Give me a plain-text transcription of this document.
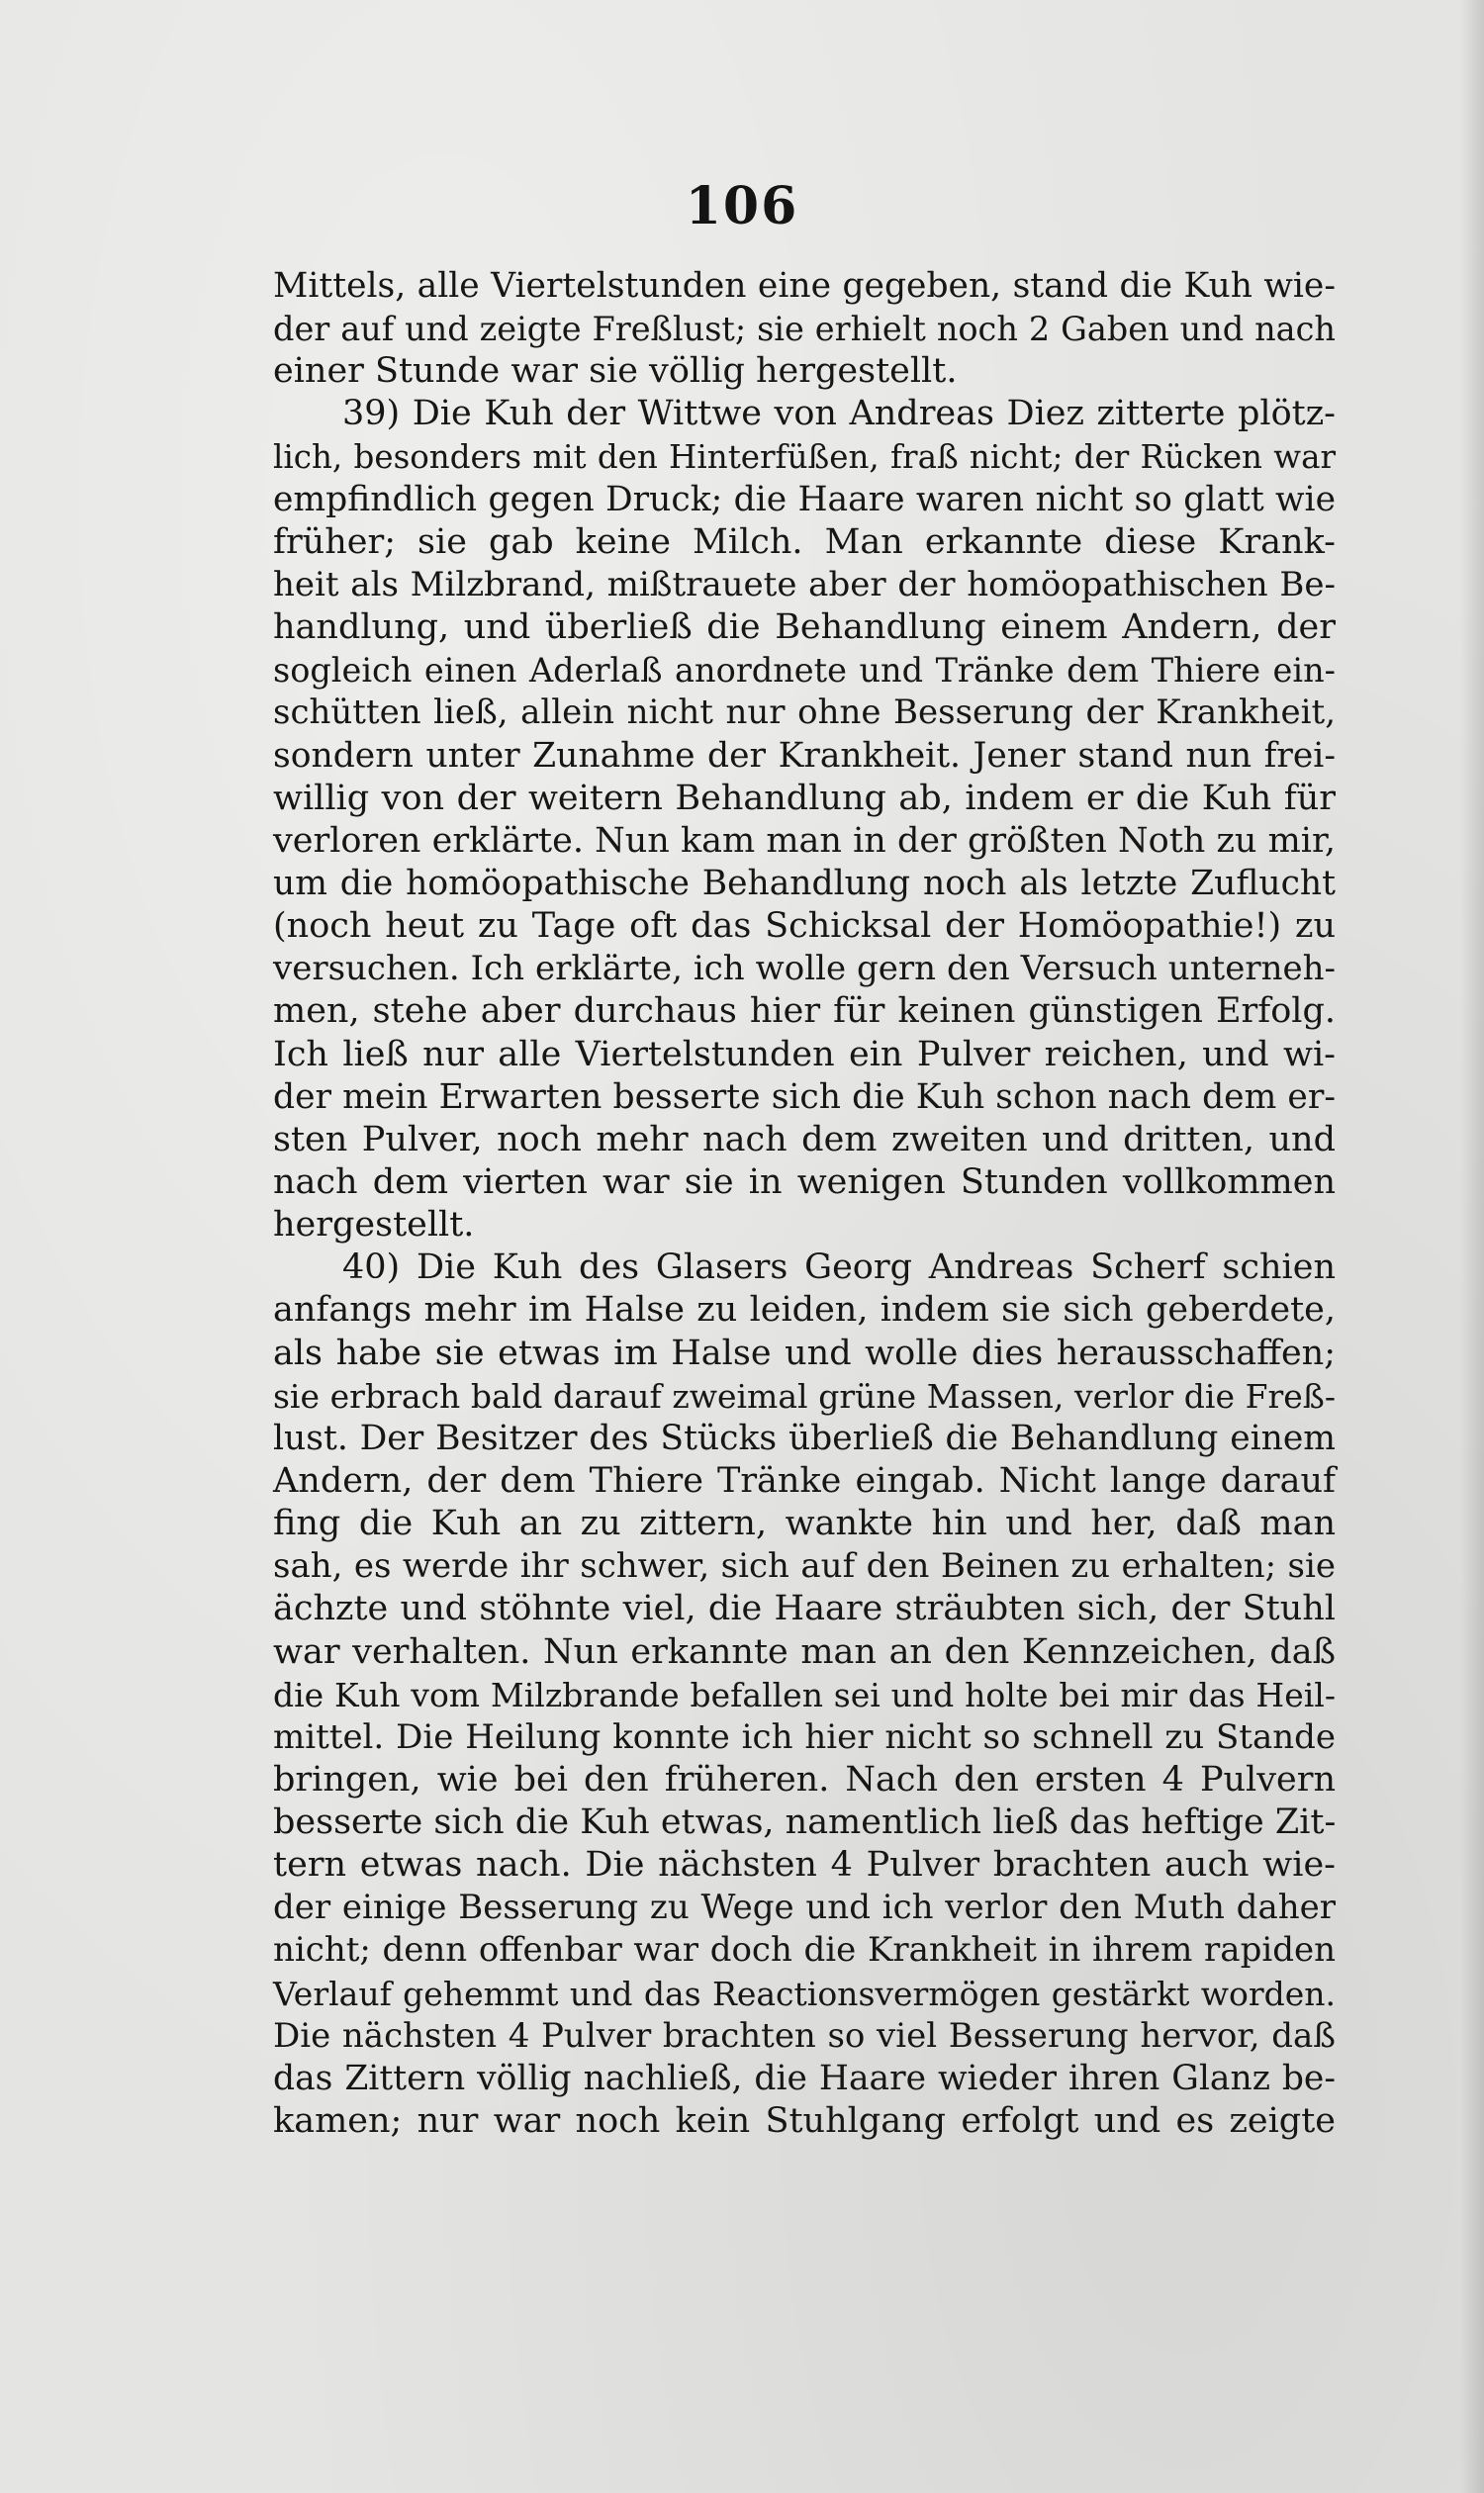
106
Mittels, alle Viertelstunden eine gegeben, stand die Kuh wie-
der auf und zeigte Freßlust; sie erhielt noch 2 Gaben und nach
einer Stunde war sie völlig hergestellt.
39) Die Kuh der Wittwe von Andreas Diez zitterte plötz-
lich, besonders mit den Hinterfüßen, fraß nicht; der Rücken war
empfindlich gegen Druck; die Haare waren nicht so glatt wie
früher; sie gab keine Milch. Man erkannte diese Krank-
heit als Milzbrand, mißtrauete aber der homöopathischen Be-
handlung, und überließ die Behandlung einem Andern, der
sogleich einen Aderlaß anordnete und Tränke dem Thiere ein-
schütten ließ, allein nicht nur ohne Besserung der Krankheit,
sondern unter Zunahme der Krankheit. Jener stand nun frei-
willig von der weitern Behandlung ab, indem er die Kuh für
verloren erklärte. Nun kam man in der größten Noth zu mir,
um die homöopathische Behandlung noch als letzte Zuflucht
(noch heut zu Tage oft das Schicksal der Homöopathie!) zu
versuchen. Ich erklärte, ich wolle gern den Versuch unterneh-
men, stehe aber durchaus hier für keinen günstigen Erfolg.
Ich ließ nur alle Viertelstunden ein Pulver reichen, und wi-
der mein Erwarten besserte sich die Kuh schon nach dem er-
sten Pulver, noch mehr nach dem zweiten und dritten, und
nach dem vierten war sie in wenigen Stunden vollkommen
hergestellt.
40) Die Kuh des Glasers Georg Andreas Scherf schien
anfangs mehr im Halse zu leiden, indem sie sich geberdete,
als habe sie etwas im Halse und wolle dies herausschaffen;
sie erbrach bald darauf zweimal grüne Massen, verlor die Freß-
lust. Der Besitzer des Stücks überließ die Behandlung einem
Andern, der dem Thiere Tränke eingab. Nicht lange darauf
fing die Kuh an zu zittern, wankte hin und her, daß man
sah, es werde ihr schwer, sich auf den Beinen zu erhalten; sie
ächzte und stöhnte viel, die Haare sträubten sich, der Stuhl
war verhalten. Nun erkannte man an den Kennzeichen, daß
die Kuh vom Milzbrande befallen sei und holte bei mir das Heil-
mittel. Die Heilung konnte ich hier nicht so schnell zu Stande
bringen, wie bei den früheren. Nach den ersten 4 Pulvern
besserte sich die Kuh etwas, namentlich ließ das heftige Zit-
tern etwas nach. Die nächsten 4 Pulver brachten auch wie-
der einige Besserung zu Wege und ich verlor den Muth daher
nicht; denn offenbar war doch die Krankheit in ihrem rapiden
Verlauf gehemmt und das Reactionsvermögen gestärkt worden.
Die nächsten 4 Pulver brachten so viel Besserung hervor, daß
das Zittern völlig nachließ, die Haare wieder ihren Glanz be-
kamen; nur war noch kein Stuhlgang erfolgt und es zeigte
